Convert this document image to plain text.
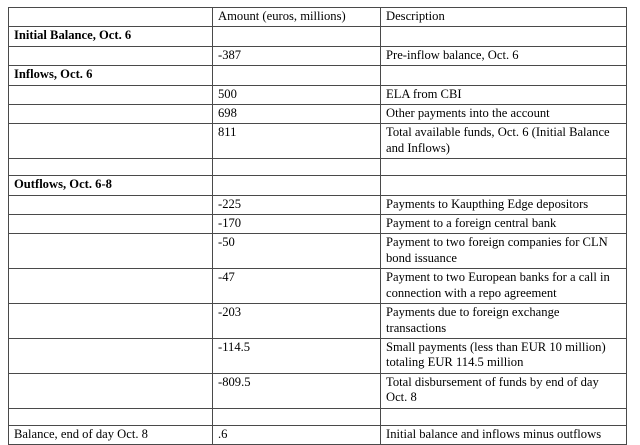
	Amount (euros, millions)	Description
Initial Balance, Oct. 6		
	-387	Pre-inflow balance, Oct. 6
Inflows, Oct. 6		
	500	ELA from CBI
	698	Other payments into the account
	811	Total available funds, Oct. 6 (Initial Balance and Inflows)

Outflows, Oct. 6-8		
	-225	Payments to Kaupthing Edge depositors
	-170	Payment to a foreign central bank
	-50	Payment to two foreign companies for CLN bond issuance
	-47	Payment to two European banks for a call in connection with a repo agreement
	-203	Payments due to foreign exchange transactions
	-114.5	Small payments (less than EUR 10 million) totaling EUR 114.5 million
	-809.5	Total disbursement of funds by end of day Oct. 8

Balance, end of day Oct. 8	.6	Initial balance and inflows minus outflows
